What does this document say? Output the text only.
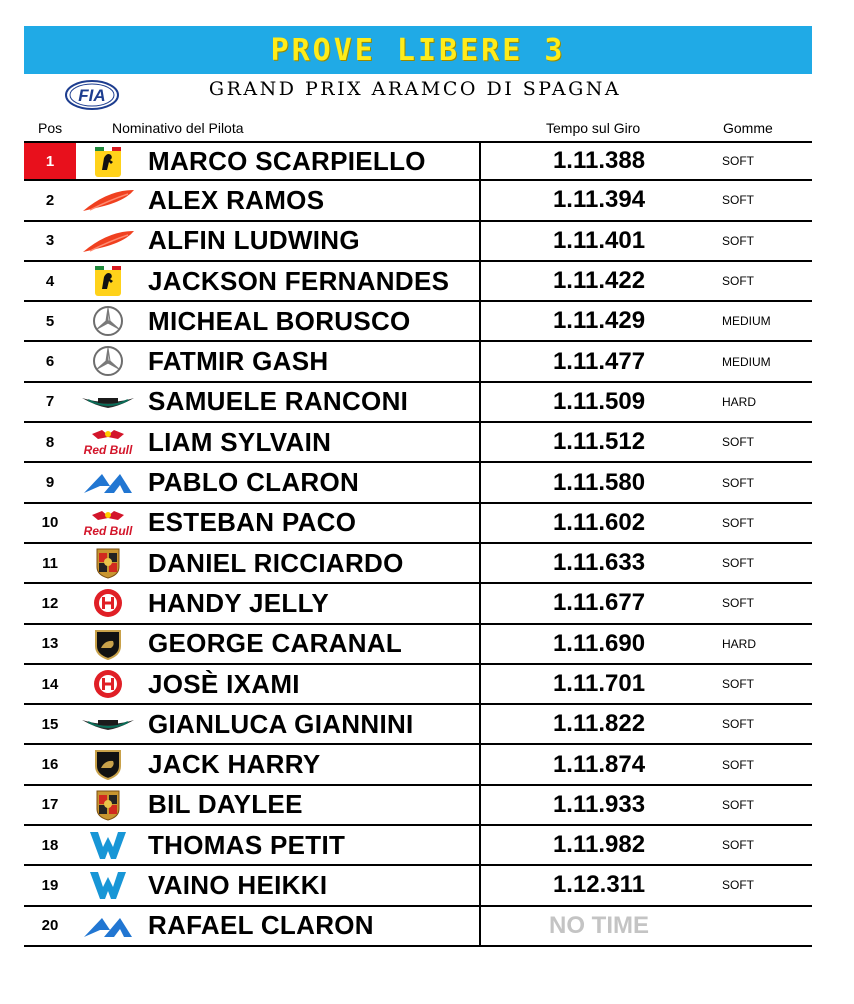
PROVE LIBERE 3
FIA	GRAND PRIX ARAMCO DI SPAGNA
Pos	Nominativo del Pilota	Tempo sul Giro	Gomme
1	MARCO SCARPIELLO	1.11.388	SOFT
2	ALEX RAMOS	1.11.394	SOFT
3	ALFIN LUDWING	1.11.401	SOFT
4	JACKSON FERNANDES	1.11.422	SOFT
5	MICHEAL BORUSCO	1.11.429	MEDIUM
6	FATMIR GASH	1.11.477	MEDIUM
7	SAMUELE RANCONI	1.11.509	HARD
8	Red Bull LIAM SYLVAIN	1.11.512	SOFT
9	PABLO CLARON	1.11.580	SOFT
10	Red Bull ESTEBAN PACO	1.11.602	SOFT
11	DANIEL RICCIARDO	1.11.633	SOFT
12	HANDY JELLY	1.11.677	SOFT
13	GEORGE CARANAL	1.11.690	HARD
14	JOSÈ IXAMI	1.11.701	SOFT
15	GIANLUCA GIANNINI	1.11.822	SOFT
16	JACK HARRY	1.11.874	SOFT
17	BIL DAYLEE	1.11.933	SOFT
18	THOMAS PETIT	1.11.982	SOFT
19	VAINO HEIKKI	1.12.311	SOFT
20	RAFAEL CLARON	NO TIME
